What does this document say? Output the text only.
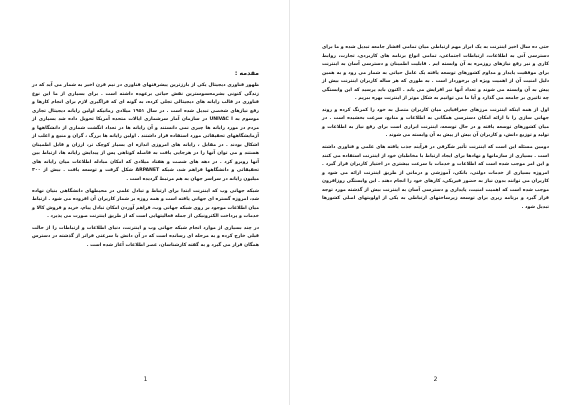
مقدمه :

ظهور فناوری دیجیتال یکی از بارزترین پیشرفتهای فناوری در نیم قرن اخیر به شمار می آید که در زندگی کنونی بشرمحسوسترین نقش حیاتی برعهده داشته است . برای بسیاری از ما این نوع فناوری در قالب رایانه های دیجیتالی تجلی کرده، به گونه ای که فراگیری لازم برای انجام کارها و رفع نیازهای شخصی تبدیل شده است . در سال ۱۹۵۱ میلادی رمانیکه اولین رایانه دیجیتال تجاری موسوم به UNIVAC I در سازمان آمار سرشماری ایالات متحده آمریکا تحویل داده شد بسیاری از مردم در مورد رایانه ها چیزی نمی دانستند و آن رایانه ها در تعداد انگشت شماری از دانشگاهها و آزمایشگاههای تحقیقاتی مورد استفاده قرار داشتند . اولین رایانه ها بزرگ ، گران و منبع و اغلب از اشکال بودند . در مقابل ، رایانه های امروزی اندازه ای بسیار کوچک تر، ارزان و قابل اطمینان هستند و می توان آنها را در هرجایی یافت به فاصله کوتاهی پس از پیدایش رایانه ها، ارتباط بین آنها روبرو کرد . در دهه های شصت و هفتاد میلادی که امکان مبادله اطلاعات میان رایانه های تحقیقاتی و دانشگاهها فراهم شد، شبکه ARPANET شکل گرفت و توسعه یافت . بیش از ۳۰۰ میلیون رایانه در سراسر جهان به هم مرتبط گردیده است .

شبکه جهانی وب که اینترنت ابتدا برای ارتباط و تبادل علمی در محیطهای دانشگاهی بنیان نهاده شد، امروزه گستره ای جهانی یافته است و همه روزه بر شمار کاربران آن افزوده می شود . ارتباط میان اطلاعات موجود بر روی شبکه جهانی وب، فراهم آوردن امکان تبادل پیام، خرید و فروش کالا و خدمات و پرداخت الکترونیکی از جمله فعالیتهایی است که از طریق اینترنت صورت می پذیرد .

در چند بسیاری از موارد انجام شبکه جهانی وب و اینترنت، دنیای اطلاعات و ارتباطات را از حالت قبلی خارج کرده و به مرحله ای رسانده است که در آن دانش با سرعتی فراتر از گذشته در دسترس همگان قرار می گیرد و به گفته کارشناسان، عصر اطلاعات آغاز شده است .

1

حتی ده سال اخیر اینترنت به یک ابزار مهم ارتباطی میان تمامی اقشار جامعه تبدیل شده و ما برای دسترسی آنی به اطلاعات، ارتباطات اجتماعی، تمامی انواع برنامه های کاربردی، تجارت، روابط کاری و نیز رفع نیازهای روزمره به آن وابسته ایم . قابلیت اطمینان و دسترسی آسان به اینترنت برای موفقیت پایدار و مداوم کشورهای توسعه یافته یک عامل حیاتی به شمار می رود و به همین دلیل امنیت آن از اهمیت ویژه ای برخوردار است . به طوری که هر ساله کاربران اینترنت بیش از پیش به آن وابسته می شوند و تعداد آنها نیز افزایش می یابد . اکنون باید پرسید که این وابستگی چه تاثیری بر جامعه می گذارد و آیا ما می توانیم به شکل موثر از اینترنت بهره ببریم .

اول از همه اینکه اینترنت مرزهای جغرافیایی میان کاربران متصل به خود را کمرنگ کرده و روند جهانی سازی را با ارائه امکان دسترسی همگانی به اطلاعات و منابع، سرعت بخشیده است . در میان کشورهای توسعه یافته و در حال توسعه، اینترنت ابزاری است برای رفع نیاز به اطلاعات و تولید و توزیع دانش، و کاربران آن بیش از پیش به آن وابسته می شوند .

دومین مسئله این است که اینترنت تأثیر شگرفی در فرآیند جذب یافته های علمی و فناوری داشته است . بسیاری از سازمانها و نهادها برای ایجاد ارتباط با مخاطبان خود از اینترنت استفاده می کنند و این امر موجب شده است که اطلاعات و خدمات با سرعت بیشتری در اختیار کاربران قرار گیرد . امروزه بسیاری از خدمات دولتی، بانکی، آموزشی و درمانی از طریق اینترنت ارائه می شود و کاربران می توانند بدون نیاز به حضور فیزیکی، کارهای خود را انجام دهند . این وابستگی روزافزون موجب شده است که اهمیت امنیت، پایداری و دسترسی آسان به اینترنت بیش از گذشته مورد توجه قرار گیرد و برنامه ریزی برای توسعه زیرساختهای ارتباطی به یکی از اولویتهای اصلی کشورها تبدیل شود .

2
